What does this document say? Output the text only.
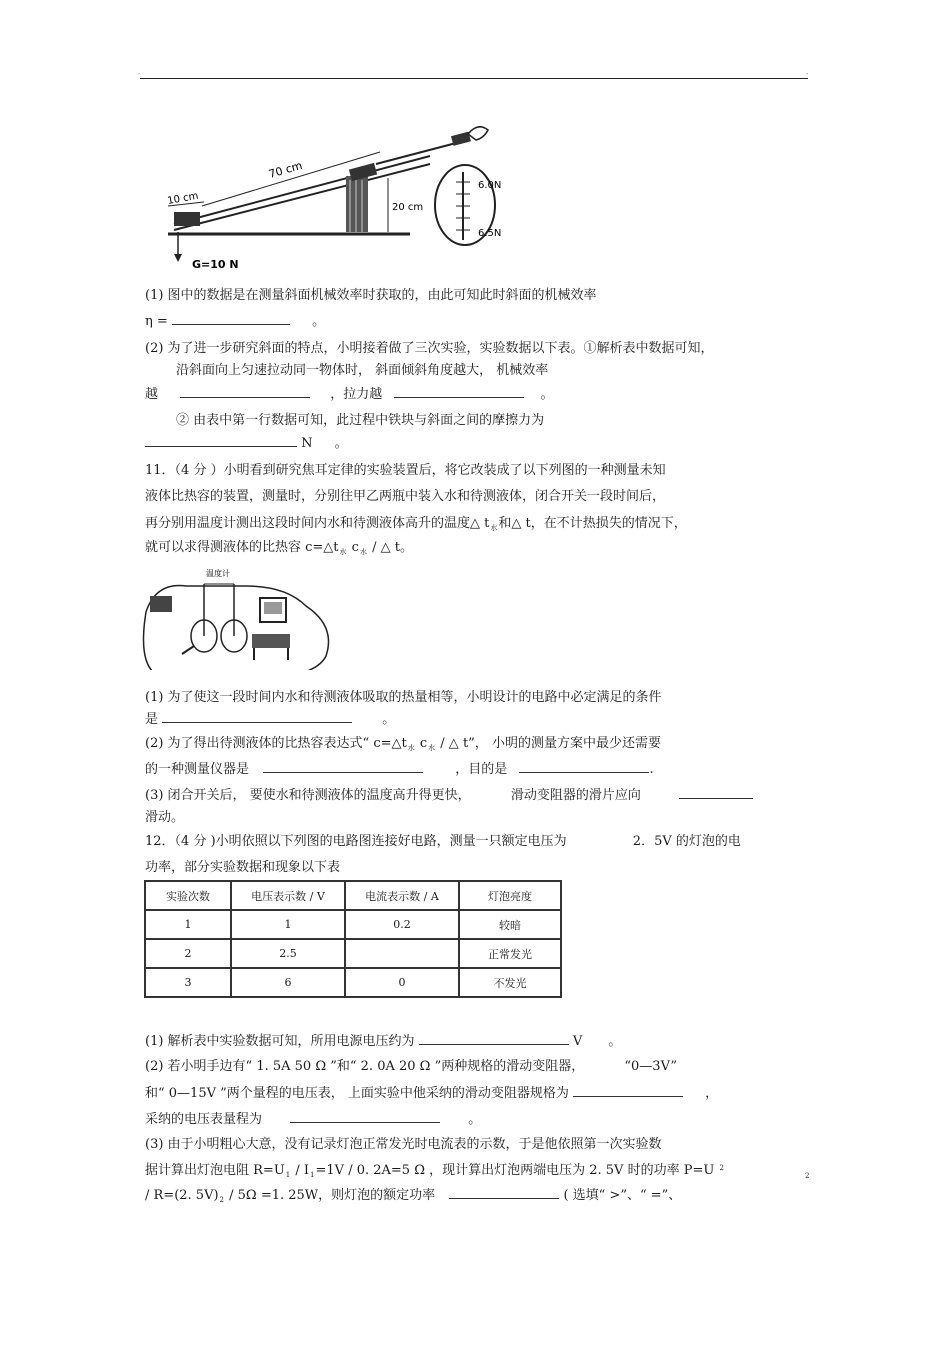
-	-
70 cm
10 cm
20 cm
6.0N
6.5N
G=10 N
(1) 图中的数据是在测量斜面机械效率时获取的，由此可知此时斜面的机械效率
η =	。
(2) 为了进一步研究斜面的特点，小明接着做了三次实验，实验数据以下表。①解析表中数据可知，
沿斜面向上匀速拉动同一物体时， 斜面倾斜角度越大， 机械效率
越	，拉力越	。
② 由表中第一行数据可知，此过程中铁块与斜面之间的摩擦力为
N 。
11．（4 分 ）小明看到研究焦耳定律的实验装置后，将它改装成了以下列图的一种测量未知
液体比热容的装置，测量时，分别往甲乙两瓶中装入水和待测液体，闭合开关一段时间后，
再分别用温度计测出这段时间内水和待测液体高升的温度△ $t_水$和△ t，在不计热损失的情况下，
就可以求得测液体的比热容 $c=\triangle t_水$ $c_水$ / △ t。
温度计
(1) 为了使这一段时间内水和待测液体吸取的热量相等，小明设计的电路中必定满足的条件
是	。
(2) 为了得出待测液体的比热容表达式“ $c=\triangle t_水$ $c_水$ / △ t”， 小明的测量方案中最少还需要
的一种测量仪器是	，目的是	.
(3) 闭合开关后， 要使水和待测液体的温度高升得更快，	滑动变阻器的滑片应向
滑动。
12．（4 分 )小明依照以下列图的电路图连接好电路，测量一只额定电压为	2．5V 的灯泡的电
功率，部分实验数据和现象以下表
实验次数	电压表示数 / V	电流表示数 / A	灯泡亮度
1	1	0.2	较暗
2	2.5		正常发光
3	6	0	不发光
(1) 解析表中实验数据可知，所用电源电压约为	V 。
(2) 若小明手边有“ 1. 5A 50 Ω ”和“ 2. 0A 20 Ω ”两种规格的滑动变阻器，	“0—3V”
和“ 0—15V ”两个量程的电压表， 上面实验中他采纳的滑动变阻器规格为	，
采纳的电压表量程为	。
(3) 由于小明粗心大意，没有记录灯泡正常发光时电流表的示数，于是他依照第一次实验数
据计算出灯泡电阻 $R=U_1 / I_1=1V / 0$. 2A=5 Ω ，现计算出灯泡两端电压为 2. 5V 时的功率 P=U $^2$
/ R=(2. $5V)_2 / 5\Omega =1$. 25W，则灯泡的额定功率	( 选填“ >”、“ =”、
2
